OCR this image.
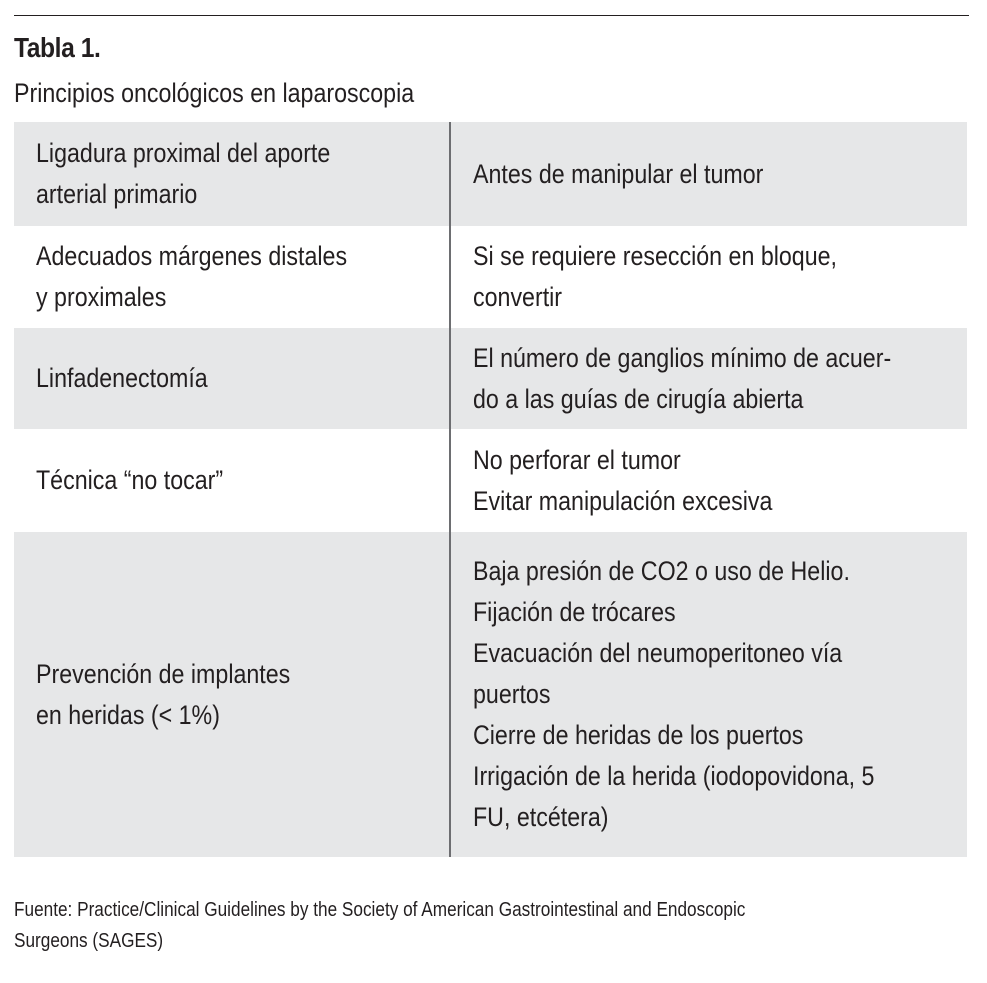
Tabla 1.
Principios oncológicos en laparoscopia
Ligadura proximal del aporte
arterial primario
Antes de manipular el tumor
Adecuados márgenes distales
y proximales
Si se requiere resección en bloque,
convertir
Linfadenectomía
El número de ganglios mínimo de acuer-
do a las guías de cirugía abierta
Técnica “no tocar”
No perforar el tumor
Evitar manipulación excesiva
Prevención de implantes
en heridas (< 1%)
Baja presión de CO2 o uso de Helio.
Fijación de trócares
Evacuación del neumoperitoneo vía
puertos
Cierre de heridas de los puertos
Irrigación de la herida (iodopovidona, 5
FU, etcétera)
Fuente: Practice/Clinical Guidelines by the Society of American Gastrointestinal and Endoscopic
Surgeons (SAGES)
